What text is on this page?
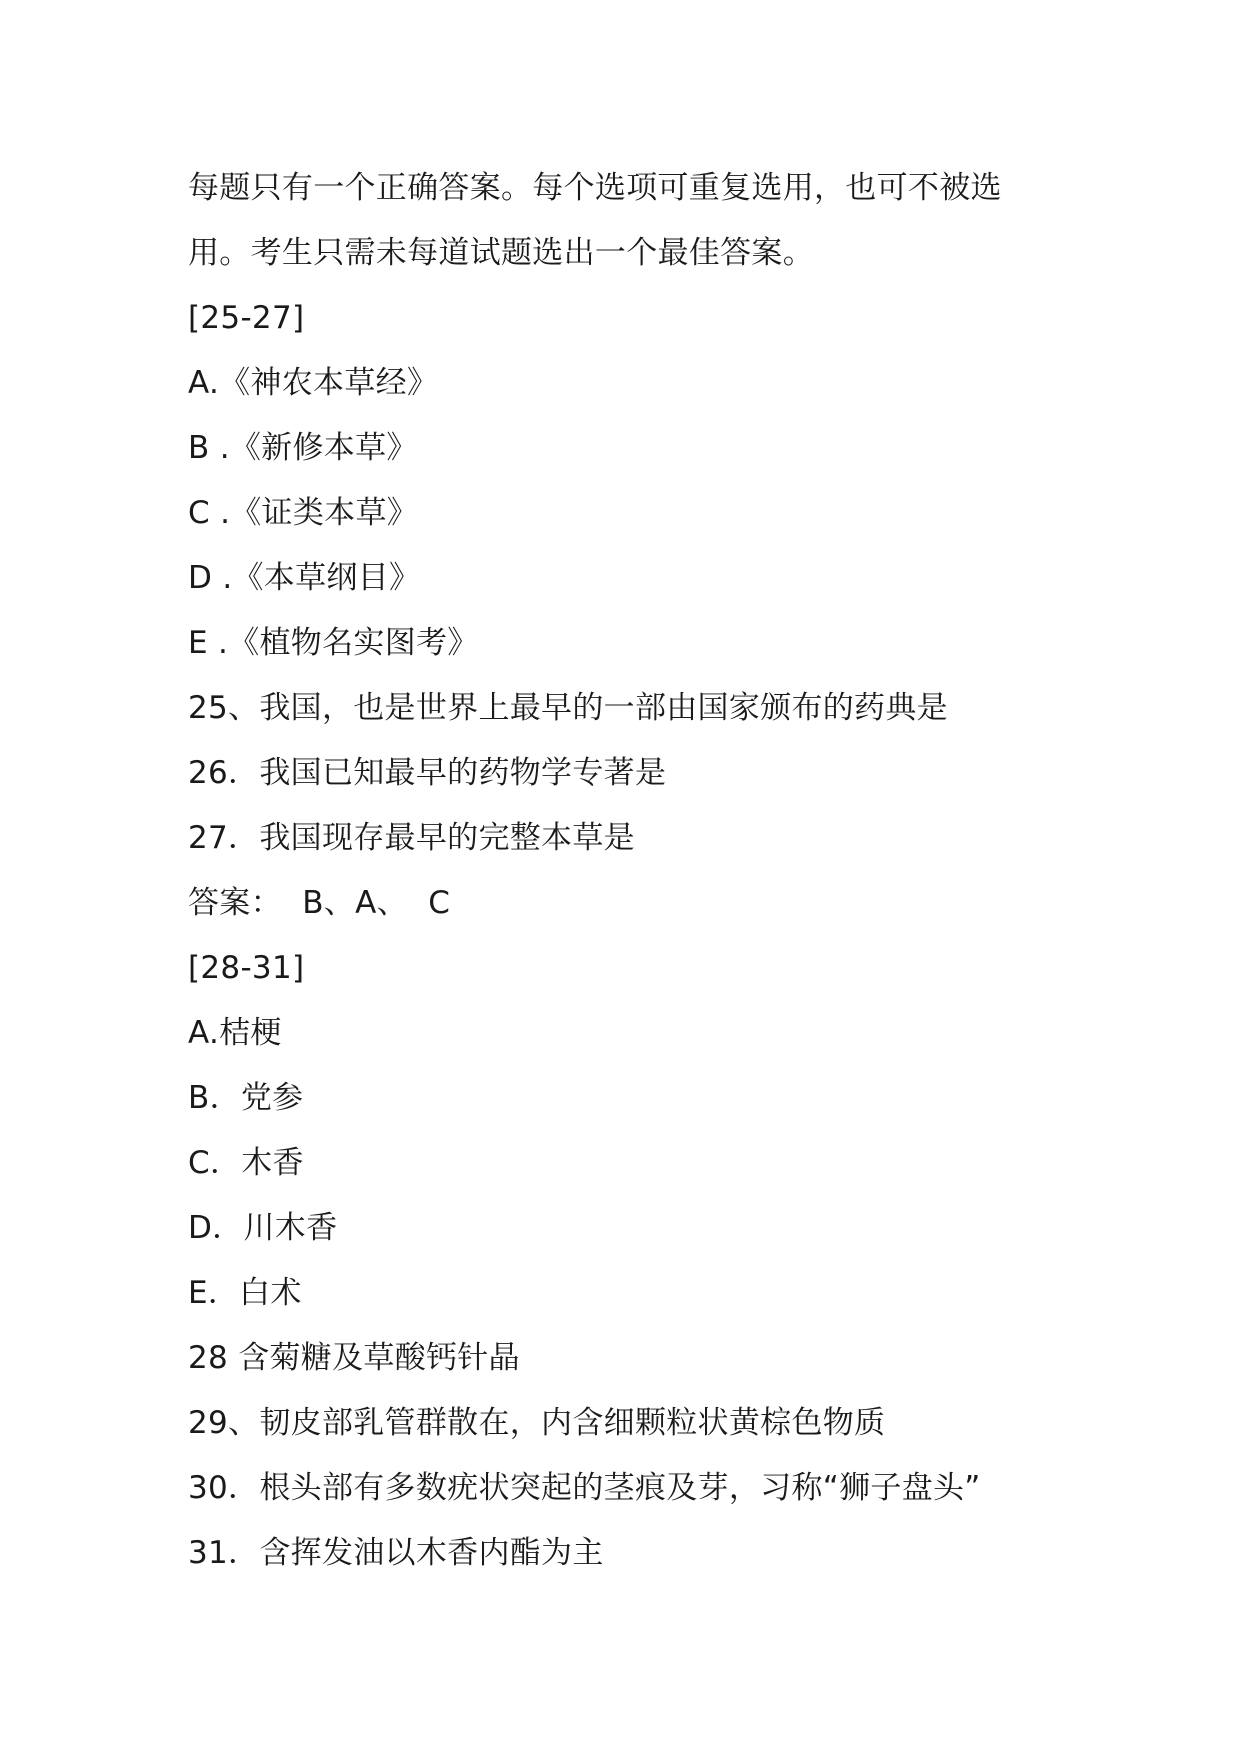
每题只有一个正确答案。每个选项可重复选用，也可不被选
用。考生只需未每道试题选出一个最佳答案。
[25-27]
A.《神农本草经》
B .《新修本草》
C .《证类本草》
D .《本草纲目》
E .《植物名实图考》
25、我国，也是世界上最早的一部由国家颁布的药典是
26．我国已知最早的药物学专著是
27．我国现存最早的完整本草是
答案：  B、A、  C
[28-31]
A.桔梗
B．党参
C．木香
D．川木香
E．白术
28 含菊糖及草酸钙针晶
29、韧皮部乳管群散在，内含细颗粒状黄棕色物质
30．根头部有多数疣状突起的茎痕及芽，习称“狮子盘头”
31．含挥发油以木香内酯为主
